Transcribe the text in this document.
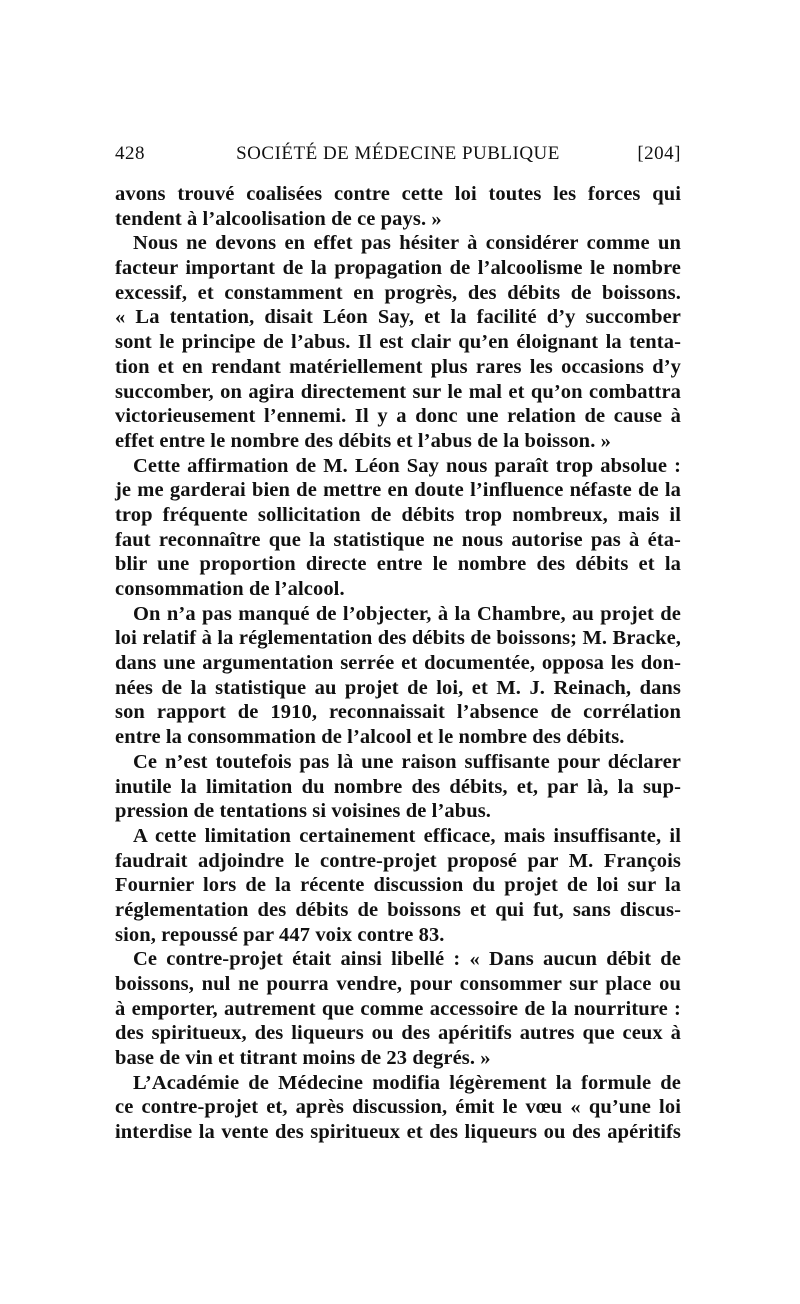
428	SOCIÉTÉ DE MÉDECINE PUBLIQUE	[204]
avons trouvé coalisées contre cette loi toutes les forces qui
tendent à l’alcoolisation de ce pays. »
Nous ne devons en effet pas hésiter à considérer comme un
facteur important de la propagation de l’alcoolisme le nombre
excessif, et constamment en progrès, des débits de boissons.
« La tentation, disait Léon Say, et la facilité d’y succomber
sont le principe de l’abus. Il est clair qu’en éloignant la tenta-
tion et en rendant matériellement plus rares les occasions d’y
succomber, on agira directement sur le mal et qu’on combattra
victorieusement l’ennemi. Il y a donc une relation de cause à
effet entre le nombre des débits et l’abus de la boisson. »
Cette affirmation de M. Léon Say nous paraît trop absolue :
je me garderai bien de mettre en doute l’influence néfaste de la
trop fréquente sollicitation de débits trop nombreux, mais il
faut reconnaître que la statistique ne nous autorise pas à éta-
blir une proportion directe entre le nombre des débits et la
consommation de l’alcool.
On n’a pas manqué de l’objecter, à la Chambre, au projet de
loi relatif à la réglementation des débits de boissons; M. Bracke,
dans une argumentation serrée et documentée, opposa les don-
nées de la statistique au projet de loi, et M. J. Reinach, dans
son rapport de 1910, reconnaissait l’absence de corrélation
entre la consommation de l’alcool et le nombre des débits.
Ce n’est toutefois pas là une raison suffisante pour déclarer
inutile la limitation du nombre des débits, et, par là, la sup-
pression de tentations si voisines de l’abus.
A cette limitation certainement efficace, mais insuffisante, il
faudrait adjoindre le contre-projet proposé par M. François
Fournier lors de la récente discussion du projet de loi sur la
réglementation des débits de boissons et qui fut, sans discus-
sion, repoussé par 447 voix contre 83.
Ce contre-projet était ainsi libellé : « Dans aucun débit de
boissons, nul ne pourra vendre, pour consommer sur place ou
à emporter, autrement que comme accessoire de la nourriture :
des spiritueux, des liqueurs ou des apéritifs autres que ceux à
base de vin et titrant moins de 23 degrés. »
L’Académie de Médecine modifia légèrement la formule de
ce contre-projet et, après discussion, émit le vœu « qu’une loi
interdise la vente des spiritueux et des liqueurs ou des apéritifs
